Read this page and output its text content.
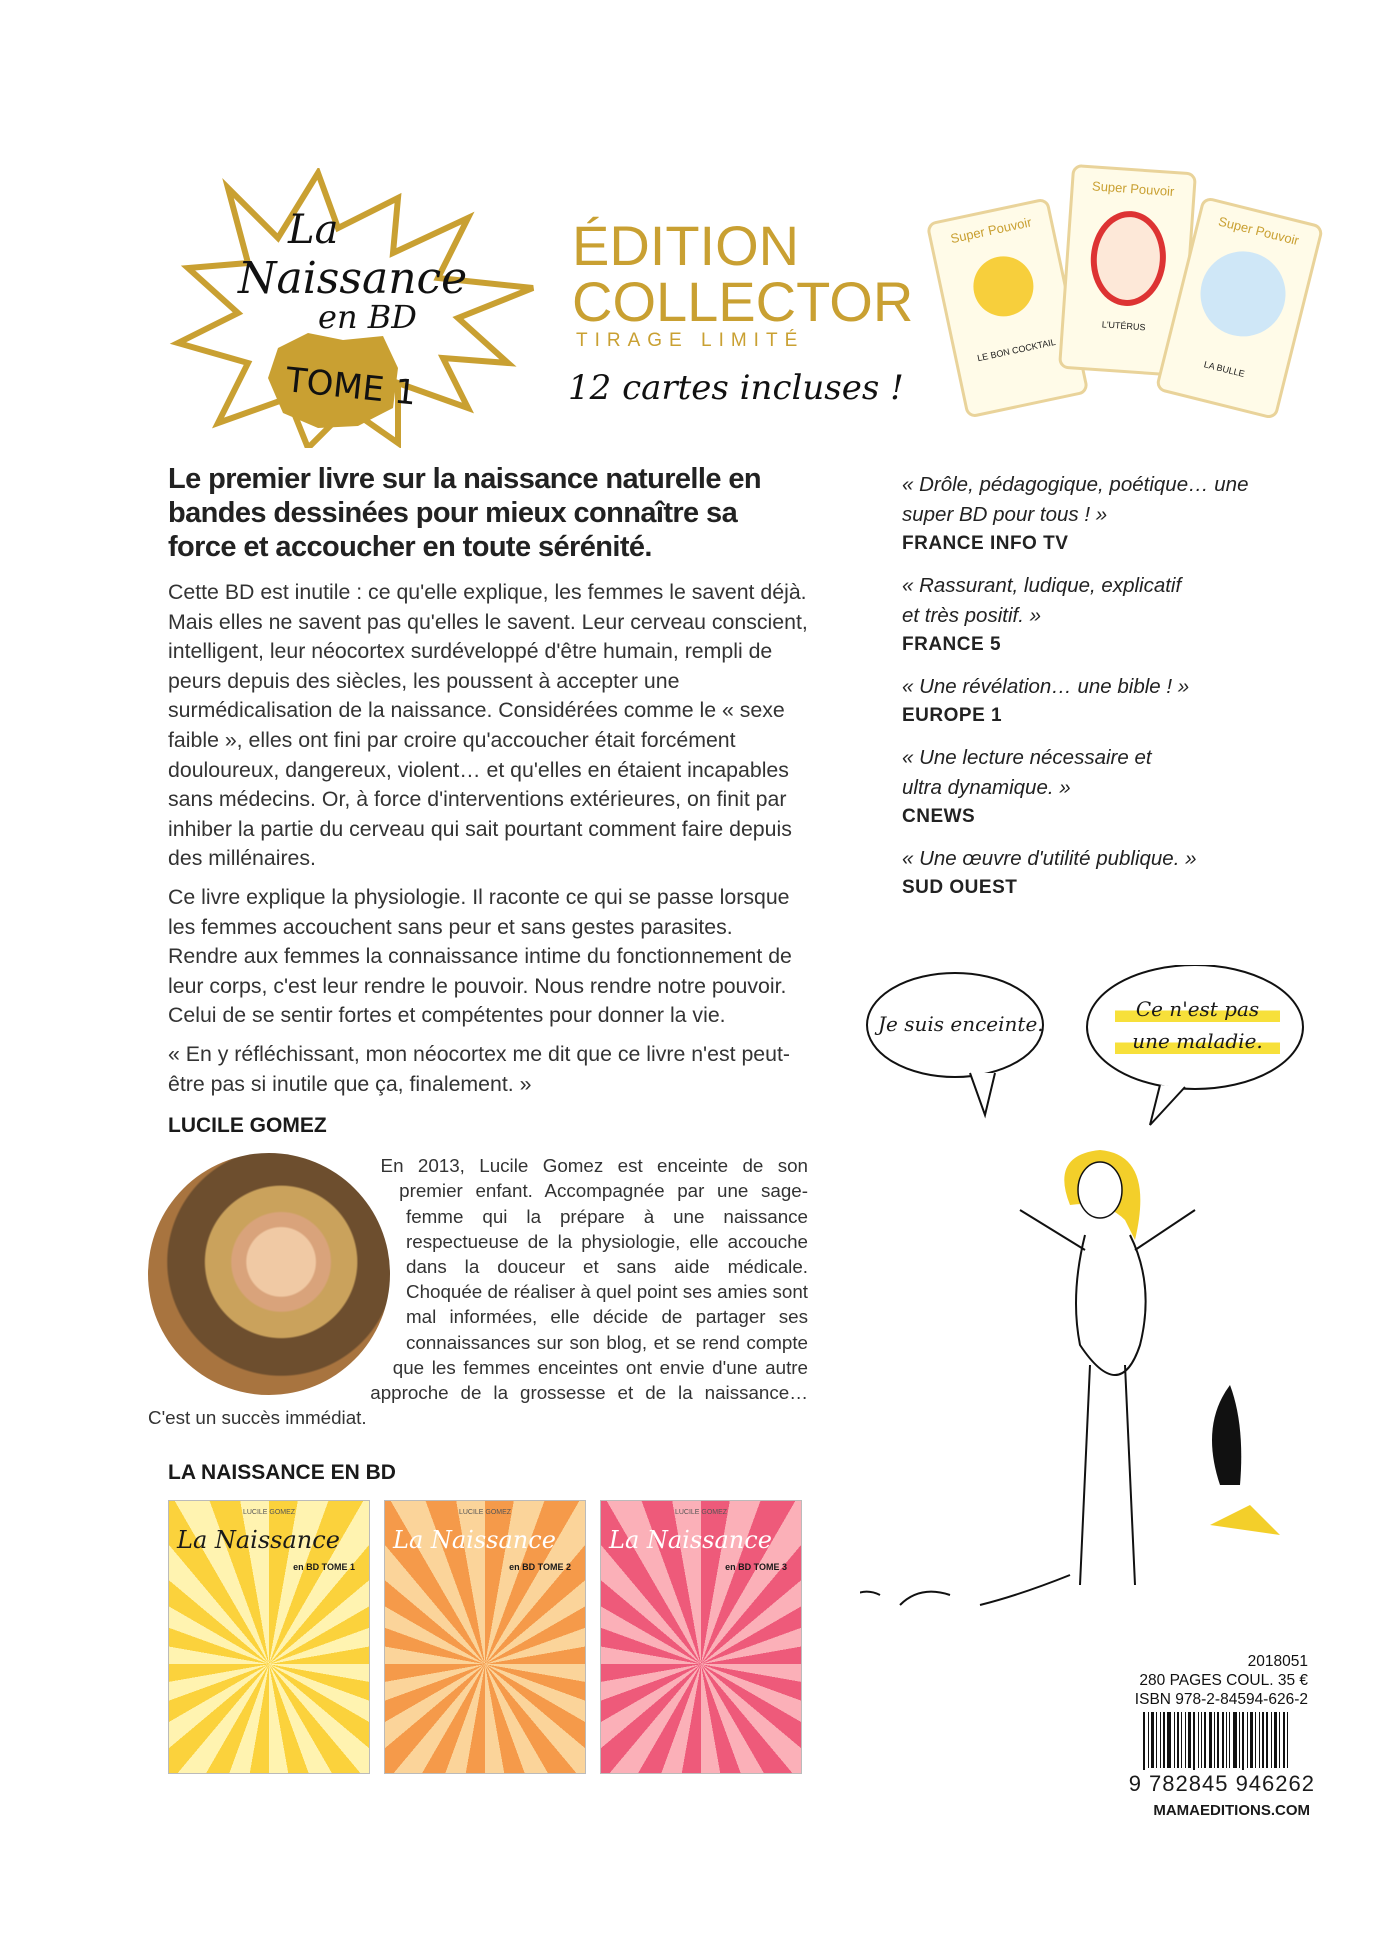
La
Naissance
en BD
TOME 1
ÉDITION
COLLECTOR
TIRAGE LIMITÉ
12 cartes incluses !
Super Pouvoir
LE BON COCKTAIL
Super Pouvoir
L'UTÉRUS
Super Pouvoir
LA BULLE
Le premier livre sur la naissance naturelle en bandes dessinées pour mieux connaître sa force et accoucher en toute sérénité.

Cette BD est inutile : ce qu'elle explique, les femmes le savent déjà. Mais elles ne savent pas qu'elles le savent. Leur cerveau conscient, intelligent, leur néocortex surdéveloppé d'être humain, rempli de peurs depuis des siècles, les poussent à accepter une surmédicalisation de la naissance. Considérées comme le « sexe faible », elles ont fini par croire qu'accoucher était forcément douloureux, dangereux, violent… et qu'elles en étaient incapables sans médecins. Or, à force d'interventions extérieures, on finit par inhiber la partie du cerveau qui sait pourtant comment faire depuis des millénaires.

Ce livre explique la physiologie. Il raconte ce qui se passe lorsque les femmes accouchent sans peur et sans gestes parasites. Rendre aux femmes la connaissance intime du fonctionnement de leur corps, c'est leur rendre le pouvoir. Nous rendre notre pouvoir. Celui de se sentir fortes et compétentes pour donner la vie.

« En y réfléchissant, mon néocortex me dit que ce livre n'est peut-être pas si inutile que ça, finalement. »

LUCILE GOMEZ
En 2013, Lucile Gomez est enceinte de son premier enfant. Accompagnée par une sage-femme qui la prépare à une naissance respectueuse de la physiologie, elle accouche dans la douceur et sans aide médicale. Choquée de réaliser à quel point ses amies sont mal informées, elle décide de partager ses connaissances sur son blog, et se rend compte que les femmes enceintes ont envie d'une autre approche de la grossesse et de la naissance… C'est un succès immédiat.
LA NAISSANCE EN BD
LUCILE GOMEZ
La Naissance
en BD TOME 1
LUCILE GOMEZ
La Naissance
en BD TOME 2
LUCILE GOMEZ
La Naissance
en BD TOME 3
« Drôle, pédagogique, poétique… une super BD pour tous ! »
FRANCE INFO TV
« Rassurant, ludique, explicatif et très positif. »
FRANCE 5
« Une révélation… une bible ! »
EUROPE 1
« Une lecture nécessaire et ultra dynamique. »
CNEWS
« Une œuvre d'utilité publique. »
SUD OUEST
Je suis enceinte.
Ce n'est pas une maladie.
2018051
280 PAGES COUL. 35 €
ISBN 978-2-84594-626-2
9 782845 946262
MAMAEDITIONS.COM
